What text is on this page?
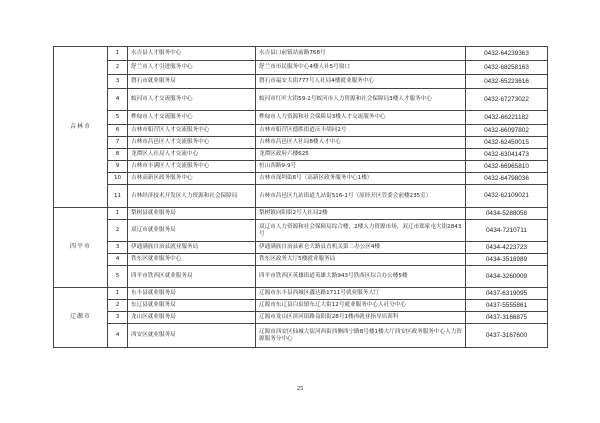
吉林市	1	永吉县人才服务中心	永吉县口前镇站前路768号	0432-64239363
	2	舒兰市人才引进服务中心	舒兰市市民服务中心4楼人社5号窗口	0432-68258163
	3	磐石市就业服务局	磐石市福安大街777号人社局4楼就业服务中心	0432-65223616
	4	蛟河市人才交流服务中心	蛟河市红叶大街59-2号蛟河市人力资源和社会保障局3楼人才服务中心	0432-67273022
	5	桦甸市人才交流服务中心	桦甸市人力资源和社会保障局3楼人才交流服务中心	0432-66221182
	6	吉林市船营区人才交流服务中心	吉林市船营区德胜街道庆丰胡同2号	0432-66097802
	7	吉林市昌邑区人才交流服务中心	吉林市昌邑区人社局8楼人才中心	0432-62450015
	8	龙潭区人社局人才交流中心	龙潭区政府六楼625	0432-63041473
	9	吉林市丰满区人才交流服务中心	恒山西路9-9号	0432-66965810
	10	吉林高新区政务服务中心	吉林市深圳街6号（高新区政务服务中心1楼）	0432-64798036
	11	吉林经济技术开发区人力资源和社会保障局	吉林市昌邑区九站街道九站街516-1号（原经开区管委会前楼235室）	0432-62109021
四平市	1	梨树县就业服务局	梨树镇向阳街2号人社局2楼	0434-5288058
	2	双辽市就业服务局	双辽市人力资源和社会保障局综合楼，2楼人力资源市场，双辽市郑家屯大街2843号	0434-7210711
	3	伊通满族自治县就业服务局	伊通满族自治县索仑大路县直机关第二办公区4楼	0434-4223723
	4	铁东区就业服务中心	铁东区政务大厅5楼就业服务局	0434-3516989
	5	四平市铁西区就业服务局	四平市铁西区英雄街道英雄大路943号铁西区综合办公楼5楼	0434-3260009
辽源市	1	东丰县就业服务局	辽源市东丰县西城区鑫达路1711号就业服务大厅	0437-6319095
	2	东辽县就业服务局	辽源市东辽县白泉镇东辽大街12号就业服务中心人社分中心	0437-5555861
	3	龙山区就业服务局	辽源市龙山区滨河街路益阳街28号1楼再就业指导培训科	0437-3166875
	4	西安区就业服务局	辽源市西安区仙城大街河西街西侧西宁路8号楼1楼大厅西安区政务服务中心人力资源服务分中心	0437-3167600
25
